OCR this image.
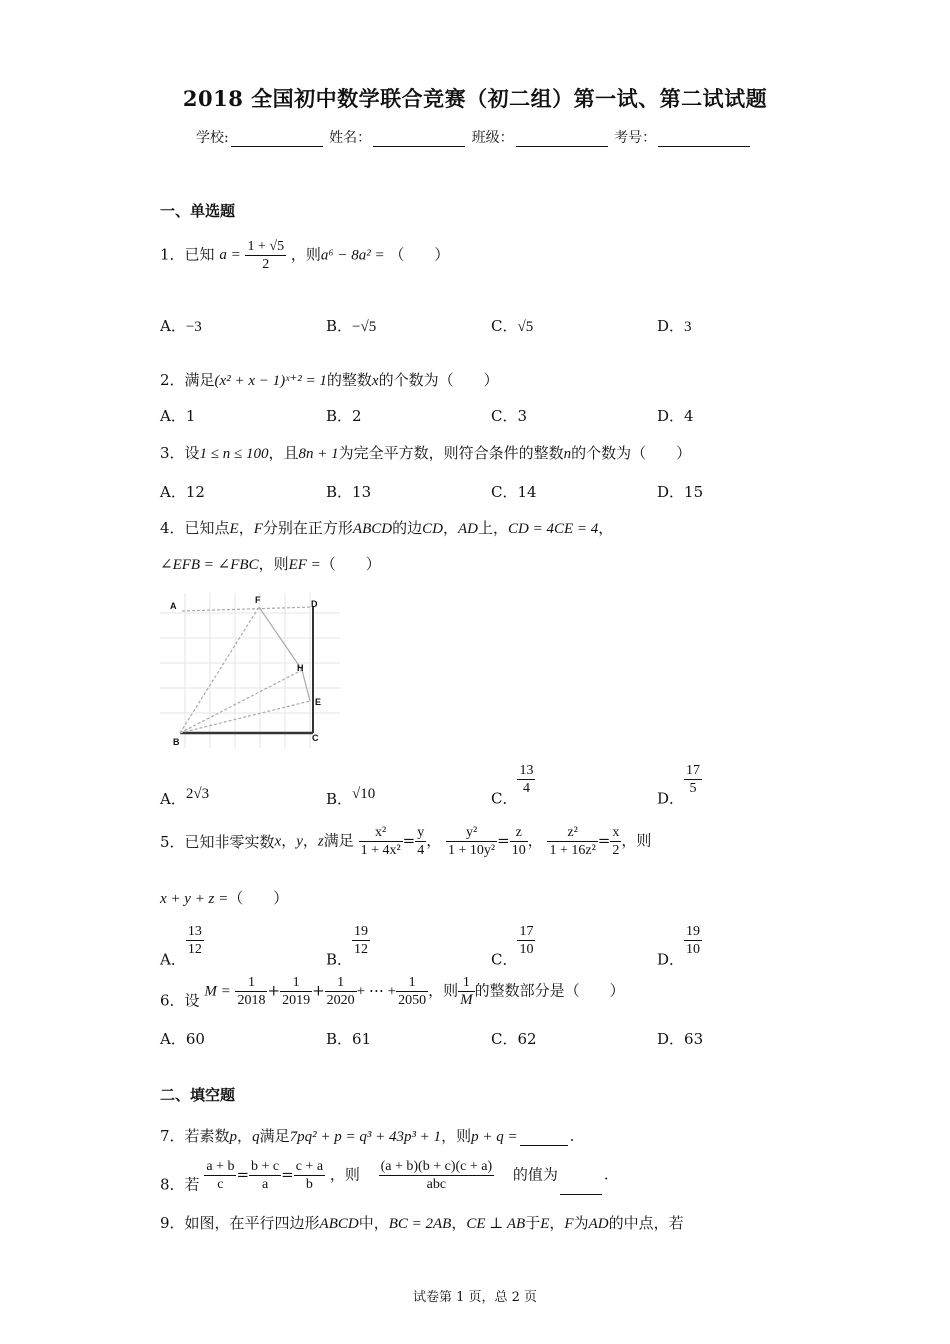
2018 全国初中数学联合竞赛（初二组）第一试、第二试试题
学校:	姓名：	班级：	考号：
一、单选题
1．已知 $a = \frac{1 + √5}{2}$ ，则a⁶ − 8a² = （　　）
A．−3	B．−√5	C．√5	D．3
2．满足(x² + x − 1)ˣ⁺² = 1的整数x的个数为（　　）
A．1	B．2	C．3	D．4
3．设1 ≤ n ≤ 100，且8n + 1为完全平方数，则符合条件的整数n的个数为（　　）
A．12	B．13	C．14	D．15
4．已知点E，F分别在正方形ABCD的边CD，AD上，CD = 4CE = 4，
∠EFB = ∠FBC，则EF =（　　）
A
F	D
H
E
B	C
A．2√3	B．√10	C．
$\frac{13}{4}$
D．
$\frac{17}{5}$
5．已知非零实数x，y，z满足 $\frac{\text{x²}}{\text{1 + 4x²}} = \frac{y}{4}$ ， $\frac{\text{y²}}{\text{1 + 10y²}} = \frac{z}{10}$ ， $\frac{\text{z²}}{\text{1 + 16z²}} = \frac{x}{2}$ ，则
x + y + z =（　　）
A．
$\frac{13}{12}$
B．
$\frac{19}{12}$
C．
$\frac{17}{10}$
D．
$\frac{19}{10}$
6．设 $M = \frac{1}{2018} + \frac{1}{2019} + \frac{1}{2020}$ + ⋯ + $\frac{1}{2050}$ ，则 $\frac{1}{M}$ 的整数部分是（　　）
A．60	B．61	C．62	D．63
二、填空题
7．若素数p，q满足7pq² + p = q³ + 43p³ + 1，则p + q =	.
8．若 $\frac{a + b}{c} = \frac{b + c}{a} = \frac{c + a}{b}$ ，则 $\frac{(a + b)(b + c)(c + a)}{\text{abc}}$ 的值为	.
9．如图，在平行四边形ABCD中，BC = 2AB，CE ⊥ AB于E，F为AD的中点，若
试卷第 1 页，总 2 页
